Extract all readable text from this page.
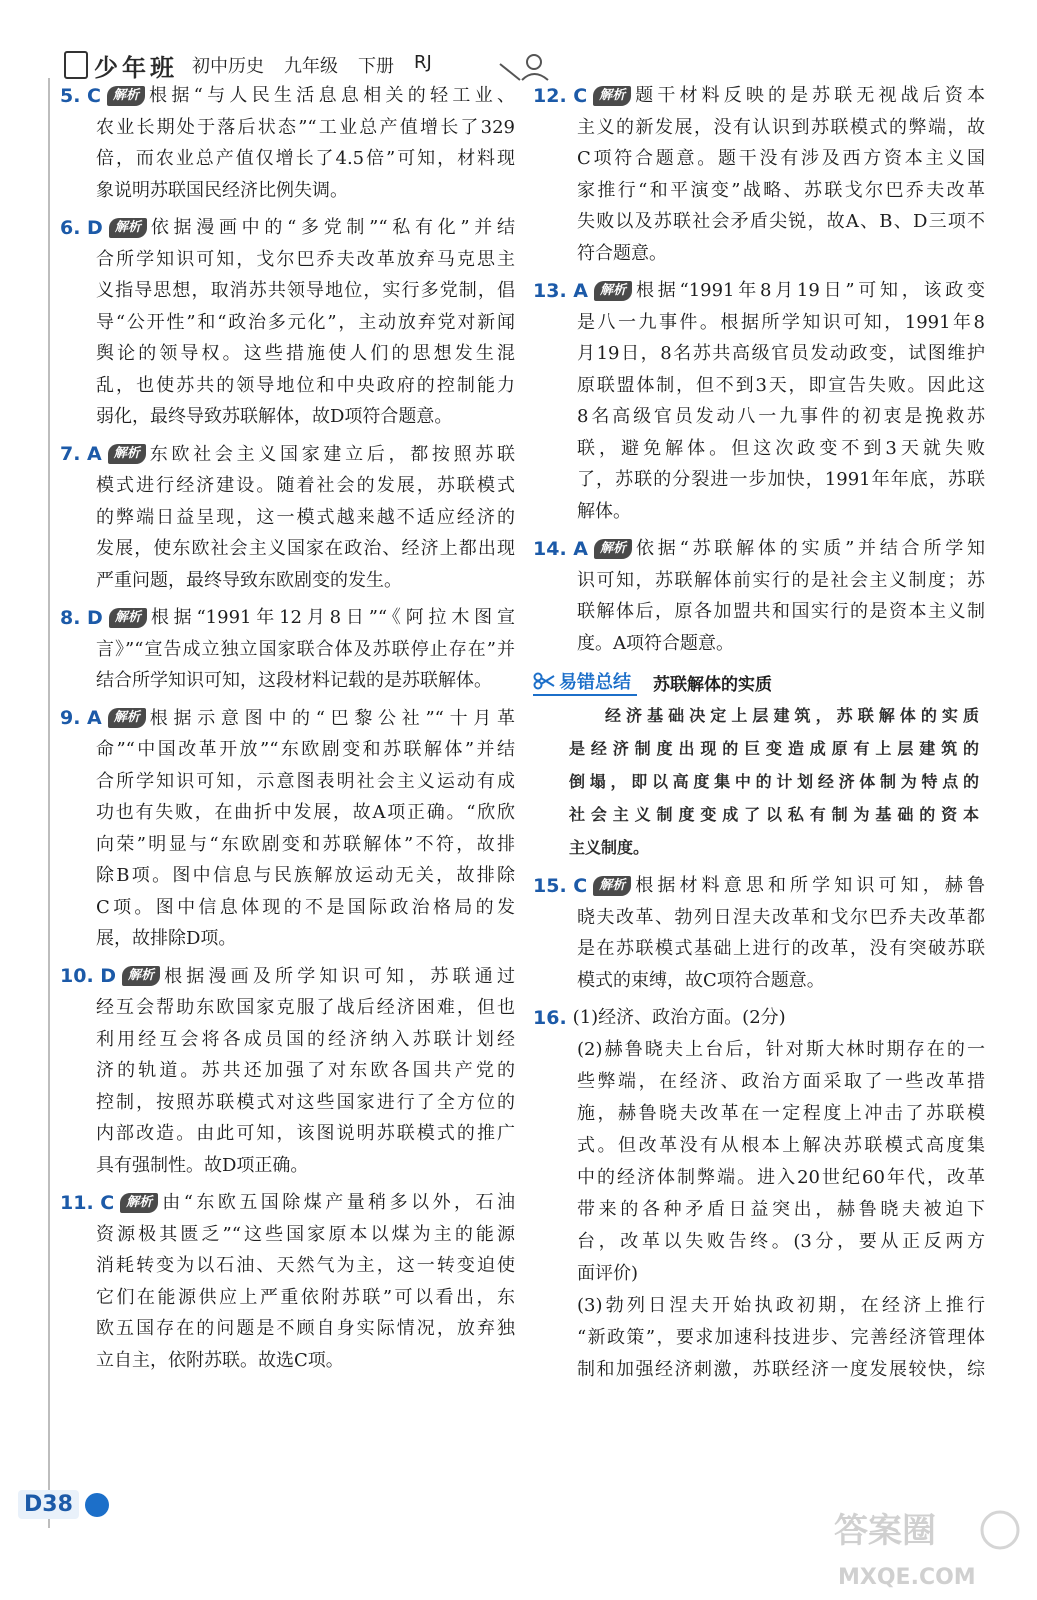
少年班 初中历史 九年级 下册 RJ
5. C 解析 根据“与人民生活息息相关的轻工业、
农业长期处于落后状态”“工业总产值增长了329
倍，而农业总产值仅增长了4.5倍”可知，材料现
象说明苏联国民经济比例失调。
6. D 解析 依据漫画中的“多党制”“私有化”并结
合所学知识可知，戈尔巴乔夫改革放弃马克思主
义指导思想，取消苏共领导地位，实行多党制，倡
导“公开性”和“政治多元化”，主动放弃党对新闻
舆论的领导权。这些措施使人们的思想发生混
乱，也使苏共的领导地位和中央政府的控制能力
弱化，最终导致苏联解体，故D项符合题意。
7. A 解析 东欧社会主义国家建立后，都按照苏联
模式进行经济建设。随着社会的发展，苏联模式
的弊端日益呈现，这一模式越来越不适应经济的
发展，使东欧社会主义国家在政治、经济上都出现
严重问题，最终导致东欧剧变的发生。
8. D 解析 根据“1991年12月8日”“《阿拉木图宣
言》”“宣告成立独立国家联合体及苏联停止存在”并
结合所学知识可知，这段材料记载的是苏联解体。
9. A 解析 根据示意图中的“巴黎公社”“十月革
命”“中国改革开放”“东欧剧变和苏联解体”并结
合所学知识可知，示意图表明社会主义运动有成
功也有失败，在曲折中发展，故A项正确。“欣欣
向荣”明显与“东欧剧变和苏联解体”不符，故排
除B项。图中信息与民族解放运动无关，故排除
C项。图中信息体现的不是国际政治格局的发
展，故排除D项。
10. D 解析 根据漫画及所学知识可知，苏联通过
经互会帮助东欧国家克服了战后经济困难，但也
利用经互会将各成员国的经济纳入苏联计划经
济的轨道。苏共还加强了对东欧各国共产党的
控制，按照苏联模式对这些国家进行了全方位的
内部改造。由此可知，该图说明苏联模式的推广
具有强制性。故D项正确。
11. C 解析 由“东欧五国除煤产量稍多以外，石油
资源极其匮乏”“这些国家原本以煤为主的能源
消耗转变为以石油、天然气为主，这一转变迫使
它们在能源供应上严重依附苏联”可以看出，东
欧五国存在的问题是不顾自身实际情况，放弃独
立自主，依附苏联。故选C项。
12. C 解析 题干材料反映的是苏联无视战后资本
主义的新发展，没有认识到苏联模式的弊端，故
C项符合题意。题干没有涉及西方资本主义国
家推行“和平演变”战略、苏联戈尔巴乔夫改革
失败以及苏联社会矛盾尖锐，故A、B、D三项不
符合题意。
13. A 解析 根据“1991年8月19日”可知，该政变
是八一九事件。根据所学知识可知，1991年8
月19日，8名苏共高级官员发动政变，试图维护
原联盟体制，但不到3天，即宣告失败。因此这
8名高级官员发动八一九事件的初衷是挽救苏
联，避免解体。但这次政变不到3天就失败
了，苏联的分裂进一步加快，1991年年底，苏联
解体。
14. A 解析 依据“苏联解体的实质”并结合所学知
识可知，苏联解体前实行的是社会主义制度；苏
联解体后，原各加盟共和国实行的是资本主义制
度。A项符合题意。
易错总结 苏联解体的实质
经济基础决定上层建筑，苏联解体的实质
是经济制度出现的巨变造成原有上层建筑的
倒塌，即以高度集中的计划经济体制为特点的
社会主义制度变成了以私有制为基础的资本
主义制度。
15. C 解析 根据材料意思和所学知识可知，赫鲁
晓夫改革、勃列日涅夫改革和戈尔巴乔夫改革都
是在苏联模式基础上进行的改革，没有突破苏联
模式的束缚，故C项符合题意。
16. (1)经济、政治方面。(2分)
(2)赫鲁晓夫上台后，针对斯大林时期存在的一
些弊端，在经济、政治方面采取了一些改革措
施，赫鲁晓夫改革在一定程度上冲击了苏联模
式。但改革没有从根本上解决苏联模式高度集
中的经济体制弊端。进入20世纪60年代，改革
带来的各种矛盾日益突出，赫鲁晓夫被迫下
台，改革以失败告终。(3分，要从正反两方
面评价)
(3)勃列日涅夫开始执政初期，在经济上推行
“新政策”，要求加速科技进步、完善经济管理体
制和加强经济刺激，苏联经济一度发展较快，综
D38
答案圈
MXQE.COM
